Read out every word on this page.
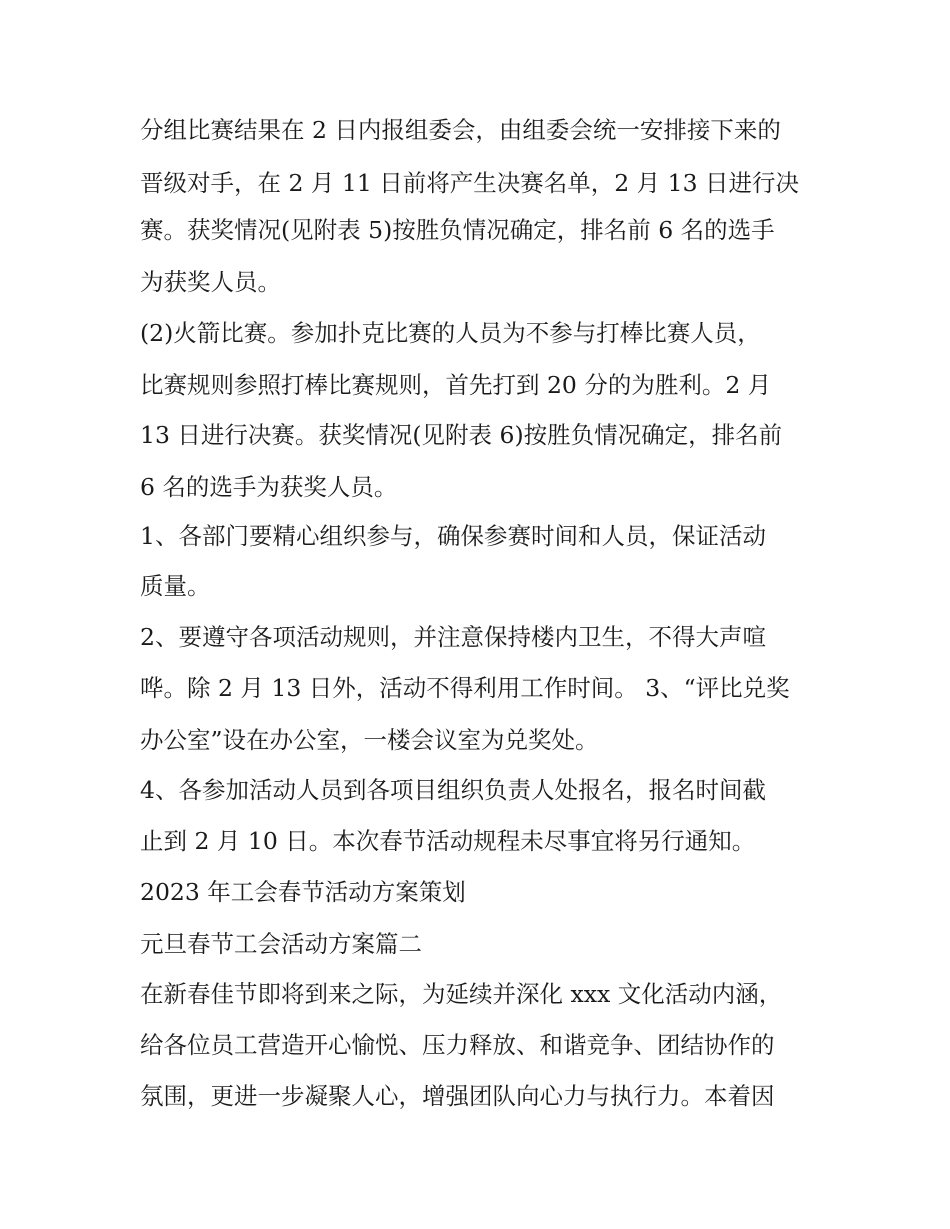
分组比赛结果在 2 日内报组委会，由组委会统一安排接下来的
晋级对手，在 2 月 11 日前将产生决赛名单，2 月 13 日进行决
赛。获奖情况(见附表 5)按胜负情况确定，排名前 6 名的选手
为获奖人员。
(2)火箭比赛。参加扑克比赛的人员为不参与打棒比赛人员，
比赛规则参照打棒比赛规则，首先打到 20 分的为胜利。2 月
13 日进行决赛。获奖情况(见附表 6)按胜负情况确定，排名前
6 名的选手为获奖人员。
1、各部门要精心组织参与，确保参赛时间和人员，保证活动
质量。
2、要遵守各项活动规则，并注意保持楼内卫生，不得大声喧
哗。除 2 月 13 日外，活动不得利用工作时间。 3、“评比兑奖
办公室”设在办公室，一楼会议室为兑奖处。
4、各参加活动人员到各项目组织负责人处报名，报名时间截
止到 2 月 10 日。本次春节活动规程未尽事宜将另行通知。
2023 年工会春节活动方案策划
元旦春节工会活动方案篇二
在新春佳节即将到来之际，为延续并深化 xxx 文化活动内涵，
给各位员工营造开心愉悦、压力释放、和谐竞争、团结协作的
氛围，更进一步凝聚人心，增强团队向心力与执行力。本着因
